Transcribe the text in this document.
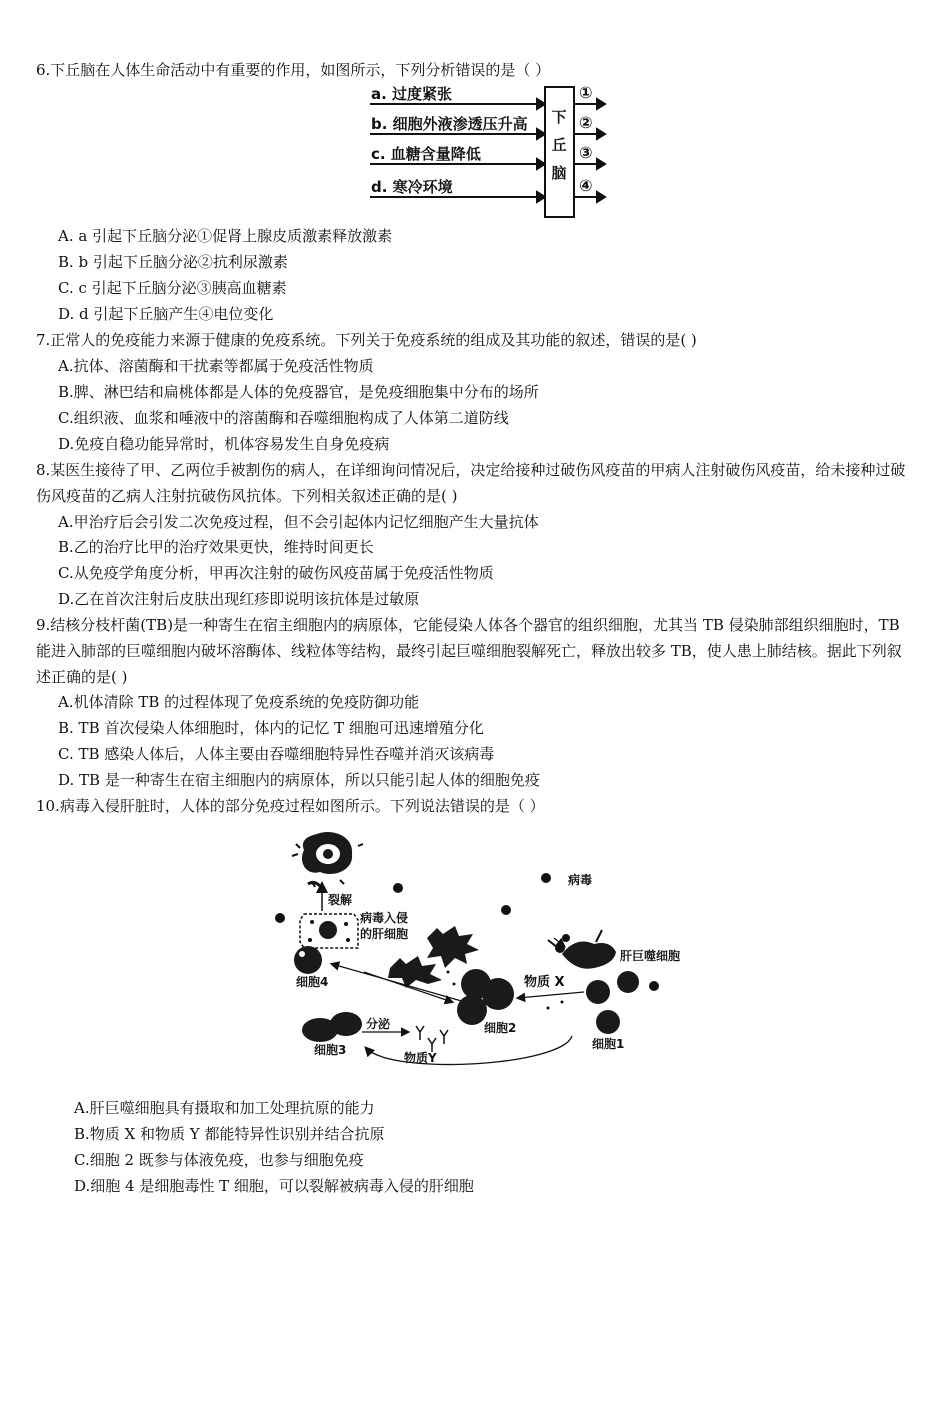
6.下丘脑在人体生命活动中有重要的作用，如图所示，下列分析错误的是（ ）
a. 过度紧张
b. 细胞外液渗透压升高
c. 血糖含量降低
d. 寒冷环境
下
丘
脑
①
②
③
④
A. a 引起下丘脑分泌①促肾上腺皮质激素释放激素
B. b 引起下丘脑分泌②抗利尿激素
C. c 引起下丘脑分泌③胰高血糖素
D. d 引起下丘脑产生④电位变化
7.正常人的免疫能力来源于健康的免疫系统。下列关于免疫系统的组成及其功能的叙述，错误的是( )
A.抗体、溶菌酶和干扰素等都属于免疫活性物质
B.脾、淋巴结和扁桃体都是人体的免疫器官，是免疫细胞集中分布的场所
C.组织液、血浆和唾液中的溶菌酶和吞噬细胞构成了人体第二道防线
D.免疫自稳功能异常时，机体容易发生自身免疫病
8.某医生接待了甲、乙两位手被割伤的病人，在详细询问情况后，决定给接种过破伤风疫苗的甲病人注射破伤风疫苗，给未接种过破伤风疫苗的乙病人注射抗破伤风抗体。下列相关叙述正确的是( )
A.甲治疗后会引发二次免疫过程，但不会引起体内记忆细胞产生大量抗体
B.乙的治疗比甲的治疗效果更快，维持时间更长
C.从免疫学角度分析，甲再次注射的破伤风疫苗属于免疫活性物质
D.乙在首次注射后皮肤出现红疹即说明该抗体是过敏原
9.结核分枝杆菌(TB)是一种寄生在宿主细胞内的病原体，它能侵染人体各个器官的组织细胞，尤其当 TB 侵染肺部组织细胞时，TB 能进入肺部的巨噬细胞内破坏溶酶体、线粒体等结构，最终引起巨噬细胞裂解死亡，释放出较多 TB，使人患上肺结核。据此下列叙述正确的是( )
A.机体清除 TB 的过程体现了免疫系统的免疫防御功能
B. TB 首次侵染人体细胞时，体内的记忆 T 细胞可迅速增殖分化
C. TB 感染人体后，人体主要由吞噬细胞特异性吞噬并消灭该病毒
D. TB 是一种寄生在宿主细胞内的病原体，所以只能引起人体的细胞免疫
10.病毒入侵肝脏时，人体的部分免疫过程如图所示。下列说法错误的是（ ）
裂解
病毒入侵
的肝细胞
病毒
肝巨噬细胞
细胞4
细胞2
物质 X
细胞1
细胞3
分泌
物质Y
A.肝巨噬细胞具有摄取和加工处理抗原的能力
B.物质 X 和物质 Y 都能特异性识别并结合抗原
C.细胞 2 既参与体液免疫，也参与细胞免疫
D.细胞 4 是细胞毒性 T 细胞，可以裂解被病毒入侵的肝细胞
